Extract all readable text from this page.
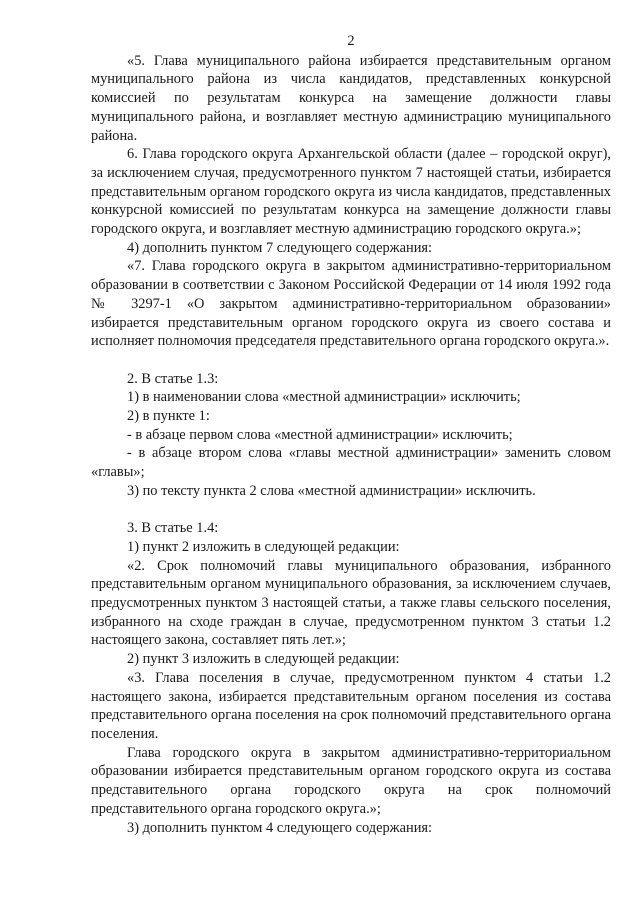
2

«5. Глава муниципального района избирается представительным органом муниципального района из числа кандидатов, представленных конкурсной комиссией по результатам конкурса на замещение должности главы муниципального района, и возглавляет местную администрацию муниципального района.

6. Глава городского округа Архангельской области (далее – городской округ), за исключением случая, предусмотренного пунктом 7 настоящей статьи, избирается представительным органом городского округа из числа кандидатов, представленных конкурсной комиссией по результатам конкурса на замещение должности главы городского округа, и возглавляет местную администрацию городского округа.»;

4) дополнить пунктом 7 следующего содержания:

«7. Глава городского округа в закрытом административно-территориальном образовании в соответствии с Законом Российской Федерации от 14 июля 1992 года № 3297-1 «О закрытом административно-территориальном образовании» избирается представительным органом городского округа из своего состава и исполняет полномочия председателя представительного органа городского округа.».

2. В статье 1.3:

1) в наименовании слова «местной администрации» исключить;

2) в пункте 1:

- в абзаце первом слова «местной администрации» исключить;

- в абзаце втором слова «главы местной администрации» заменить словом «главы»;

3) по тексту пункта 2 слова «местной администрации» исключить.

3. В статье 1.4:

1) пункт 2 изложить в следующей редакции:

«2. Срок полномочий главы муниципального образования, избранного представительным органом муниципального образования, за исключением случаев, предусмотренных пунктом 3 настоящей статьи, а также главы сельского поселения, избранного на сходе граждан в случае, предусмотренном пунктом 3 статьи 1.2 настоящего закона, составляет пять лет.»;

2) пункт 3 изложить в следующей редакции:

«3. Глава поселения в случае, предусмотренном пунктом 4 статьи 1.2 настоящего закона, избирается представительным органом поселения из состава представительного органа поселения на срок полномочий представительного органа поселения.

Глава городского округа в закрытом административно-территориальном образовании избирается представительным органом городского округа из состава представительного органа городского округа на срок полномочий представительного органа городского округа.»;

3) дополнить пунктом 4 следующего содержания:
